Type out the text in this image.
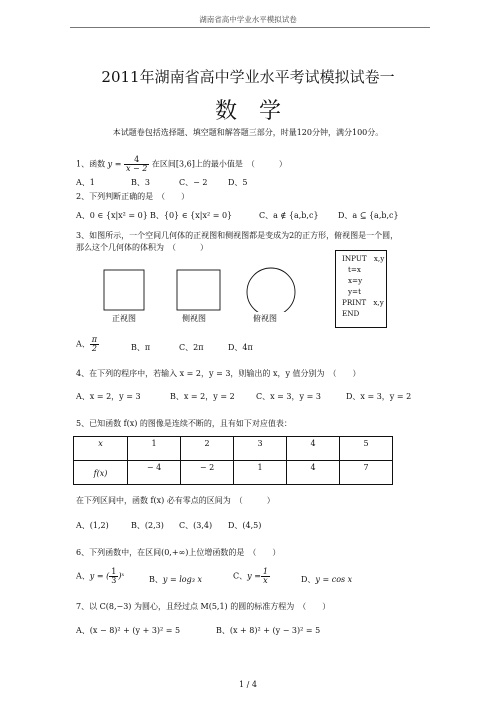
湖南省高中学业水平模拟试卷
2011年湖南省高中学业水平考试模拟试卷一
数学
本试题卷包括选择题、填空题和解答题三部分，时量120分钟，满分100分。
1、函数 $y = \frac{4}{x - 2}$ 在区间[3,6]上的最小值是　（　　　）
A、1	B、3	C、− 2	D、5
2、下列判断正确的是　（　　）
A、0 ∈ {x|x² = 0} B、{0} ∈ {x|x² = 0}	C、a ∉ {a,b,c} D、a ⊆ {a,b,c}
3、如图所示，一个空间几何体的正视图和侧视图都是变成为2的正方形，俯视图是一个圆，
那么这个几何体的体积为　（　　　）
正视图	侧视图	俯视图
INPUT　x,y
t=x
x=y
y=t
PRINT　x,y
END
A、 $\frac{\pi}{2}$	B、π	C、2π	D、4π
4、在下列的程序中，若输入 x = 2，y = 3，则输出的 x，y 值分别为　（　　）
A、x = 2，y = 3	B、x = 2，y = 2	C、x = 3，y = 3	D、x = 3，y = 2
5、已知函数 f(x) 的图像是连续不断的，且有如下对应值表：
x	1	2	3	4	5
f(x)	− 4	− 2	1	4	7
在下列区间中，函数 f(x) 必有零点的区间为　（　　　）
A、(1,2)	B、(2,3) C、(3,4) D、(4,5)
6、下列函数中，在区间(0,+∞)上位增函数的是　（　　）
A、y = ( $\frac{1}{3}$ )ˣ	B、y = log₃ x	C、$y = \frac{1}{x}$	D、y = cos x
7、以 C(8,−3) 为圆心，且经过点 M(5,1) 的圆的标准方程为　（　　）
A、(x − 8)² + (y + 3)² = 5	B、(x + 8)² + (y − 3)² = 5
1 / 4
